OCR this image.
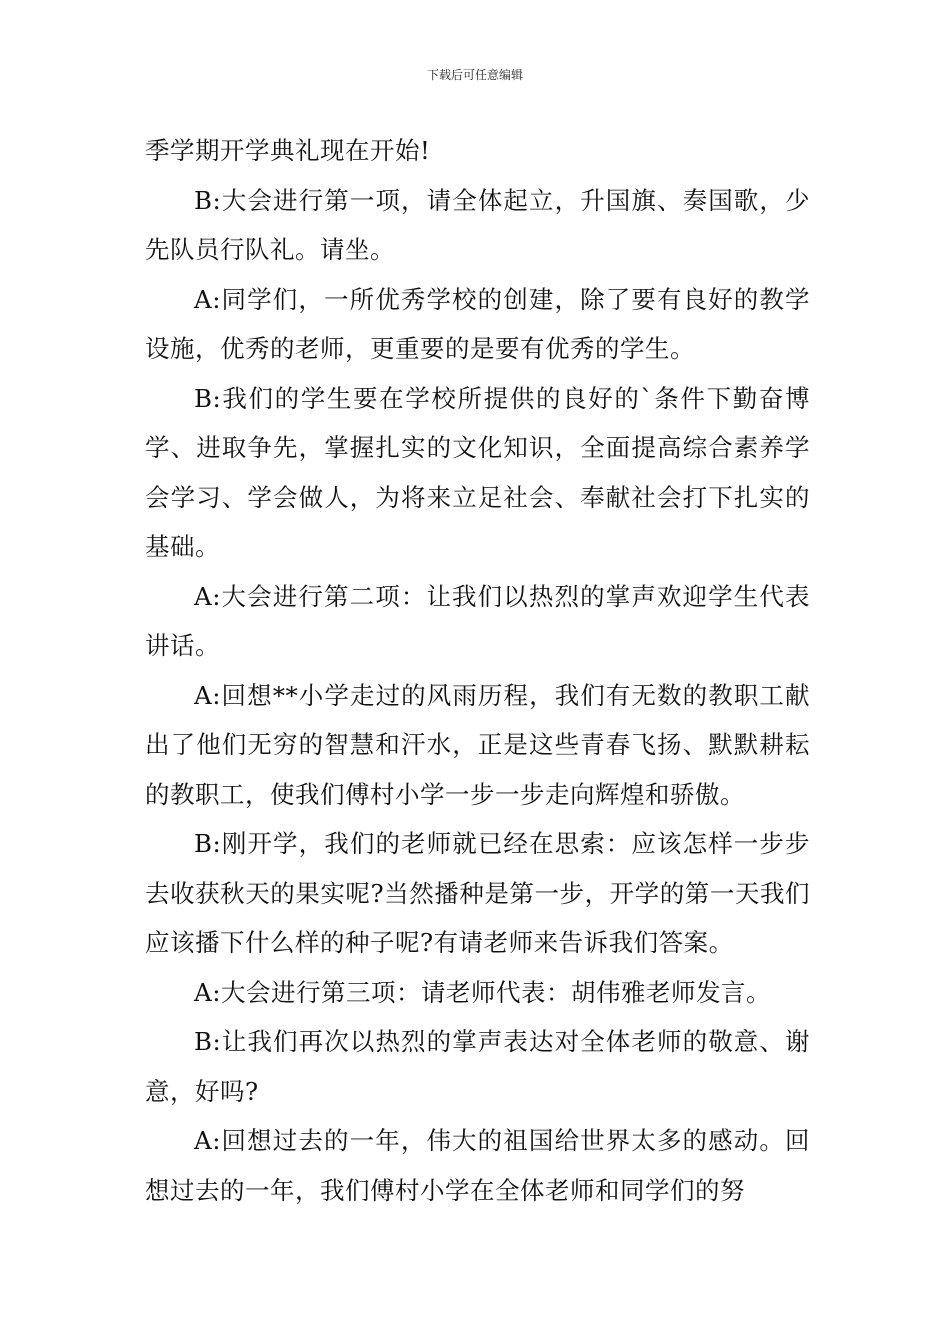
下载后可任意编辑

季学期开学典礼现在开始!

B:大会进行第一项，请全体起立，升国旗、奏国歌，少先队员行队礼。请坐。

A:同学们，一所优秀学校的创建，除了要有良好的教学设施，优秀的老师，更重要的是要有优秀的学生。

B:我们的学生要在学校所提供的良好的`条件下勤奋博学、进取争先，掌握扎实的文化知识，全面提高综合素养学会学习、学会做人，为将来立足社会、奉献社会打下扎实的基础。

A:大会进行第二项：让我们以热烈的掌声欢迎学生代表讲话。

A:回想**小学走过的风雨历程，我们有无数的教职工献出了他们无穷的智慧和汗水，正是这些青春飞扬、默默耕耘的教职工，使我们傅村小学一步一步走向辉煌和骄傲。

B:刚开学，我们的老师就已经在思索：应该怎样一步步去收获秋天的果实呢?当然播种是第一步，开学的第一天我们应该播下什么样的种子呢?有请老师来告诉我们答案。

A:大会进行第三项：请老师代表：胡伟雅老师发言。

B:让我们再次以热烈的掌声表达对全体老师的敬意、谢意，好吗?

A:回想过去的一年，伟大的祖国给世界太多的感动。回想过去的一年，我们傅村小学在全体老师和同学们的努
